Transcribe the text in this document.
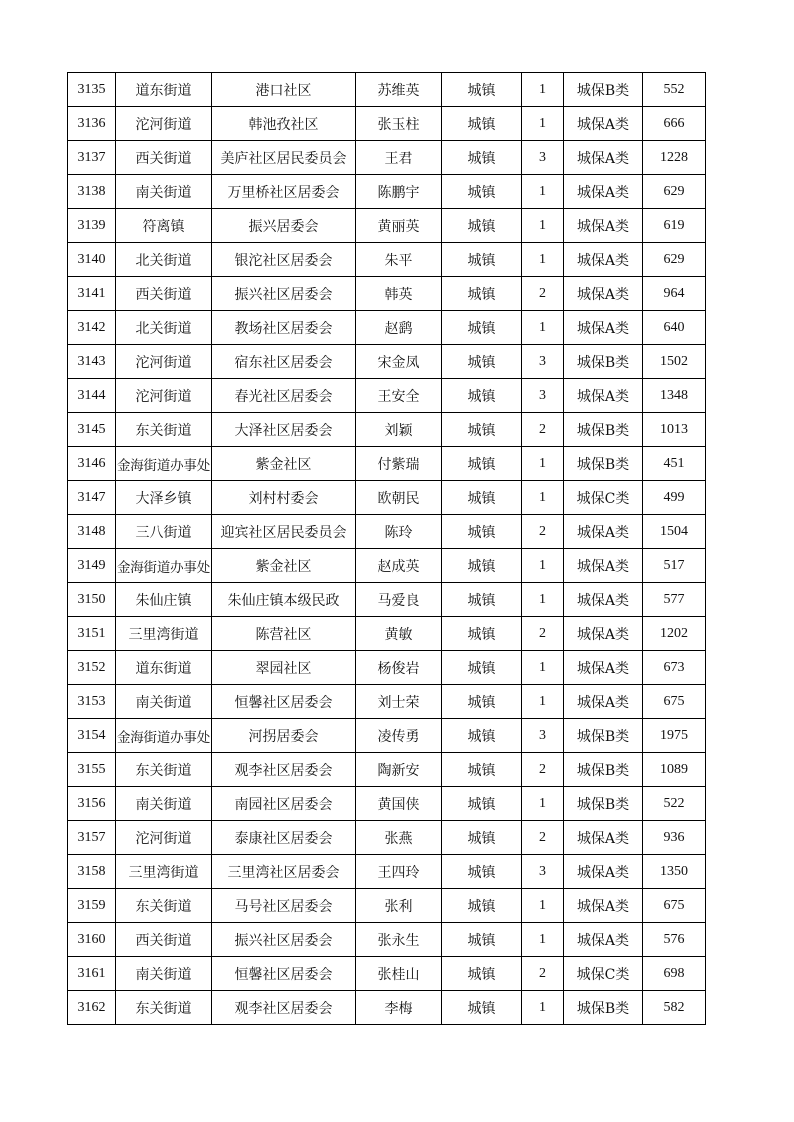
3135	道东街道	港口社区	苏维英	城镇	1	城保B类	552
3136	沱河街道	韩池孜社区	张玉柱	城镇	1	城保A类	666
3137	西关街道	美庐社区居民委员会	王君	城镇	3	城保A类	1228
3138	南关街道	万里桥社区居委会	陈鹏宇	城镇	1	城保A类	629
3139	符离镇	振兴居委会	黄丽英	城镇	1	城保A类	619
3140	北关街道	银沱社区居委会	朱平	城镇	1	城保A类	629
3141	西关街道	振兴社区居委会	韩英	城镇	2	城保A类	964
3142	北关街道	教场社区居委会	赵鹞	城镇	1	城保A类	640
3143	沱河街道	宿东社区居委会	宋金凤	城镇	3	城保B类	1502
3144	沱河街道	春光社区居委会	王安全	城镇	3	城保A类	1348
3145	东关街道	大泽社区居委会	刘颖	城镇	2	城保B类	1013
3146	金海街道办事处	紫金社区	付紫瑞	城镇	1	城保B类	451
3147	大泽乡镇	刘村村委会	欧朝民	城镇	1	城保C类	499
3148	三八街道	迎宾社区居民委员会	陈玲	城镇	2	城保A类	1504
3149	金海街道办事处	紫金社区	赵成英	城镇	1	城保A类	517
3150	朱仙庄镇	朱仙庄镇本级民政	马爱良	城镇	1	城保A类	577
3151	三里湾街道	陈营社区	黄敏	城镇	2	城保A类	1202
3152	道东街道	翠园社区	杨俊岩	城镇	1	城保A类	673
3153	南关街道	恒馨社区居委会	刘士荣	城镇	1	城保A类	675
3154	金海街道办事处	河拐居委会	凌传勇	城镇	3	城保B类	1975
3155	东关街道	观李社区居委会	陶新安	城镇	2	城保B类	1089
3156	南关街道	南园社区居委会	黄国侠	城镇	1	城保B类	522
3157	沱河街道	泰康社区居委会	张燕	城镇	2	城保A类	936
3158	三里湾街道	三里湾社区居委会	王四玲	城镇	3	城保A类	1350
3159	东关街道	马号社区居委会	张利	城镇	1	城保A类	675
3160	西关街道	振兴社区居委会	张永生	城镇	1	城保A类	576
3161	南关街道	恒馨社区居委会	张桂山	城镇	2	城保C类	698
3162	东关街道	观李社区居委会	李梅	城镇	1	城保B类	582
